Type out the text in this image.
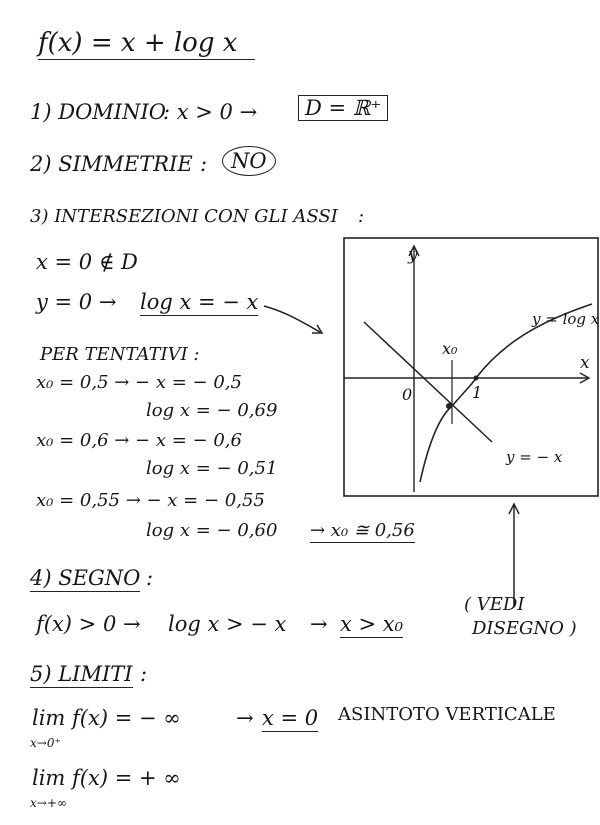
f(x) = x + log x
1) DOMINIO
: x > 0 →	D = ℝ⁺
2) SIMMETRIE :	NO
3) INTERSEZIONI CON GLI ASSI :
x = 0 ∉ D
y = 0 → log x = − x
PER TENTATIVI :
x₀ = 0,5 → − x = − 0,5
log x = − 0,69
x₀ = 0,6 → − x = − 0,6
log x = − 0,51
x₀ = 0,55 → − x = − 0,55
log x = − 0,60 → x₀ ≅ 0,56
y
x
0	1
x₀
y = log x
y = − x
4) SEGNO :
f(x) > 0 → log x > − x → x > x₀
( VEDI
DISEGNO )
5) LIMITI :
lim f(x) = − ∞
x→0⁺
→ x = 0 ASINTOTO VERTICALE
lim f(x) = + ∞
x→+∞
